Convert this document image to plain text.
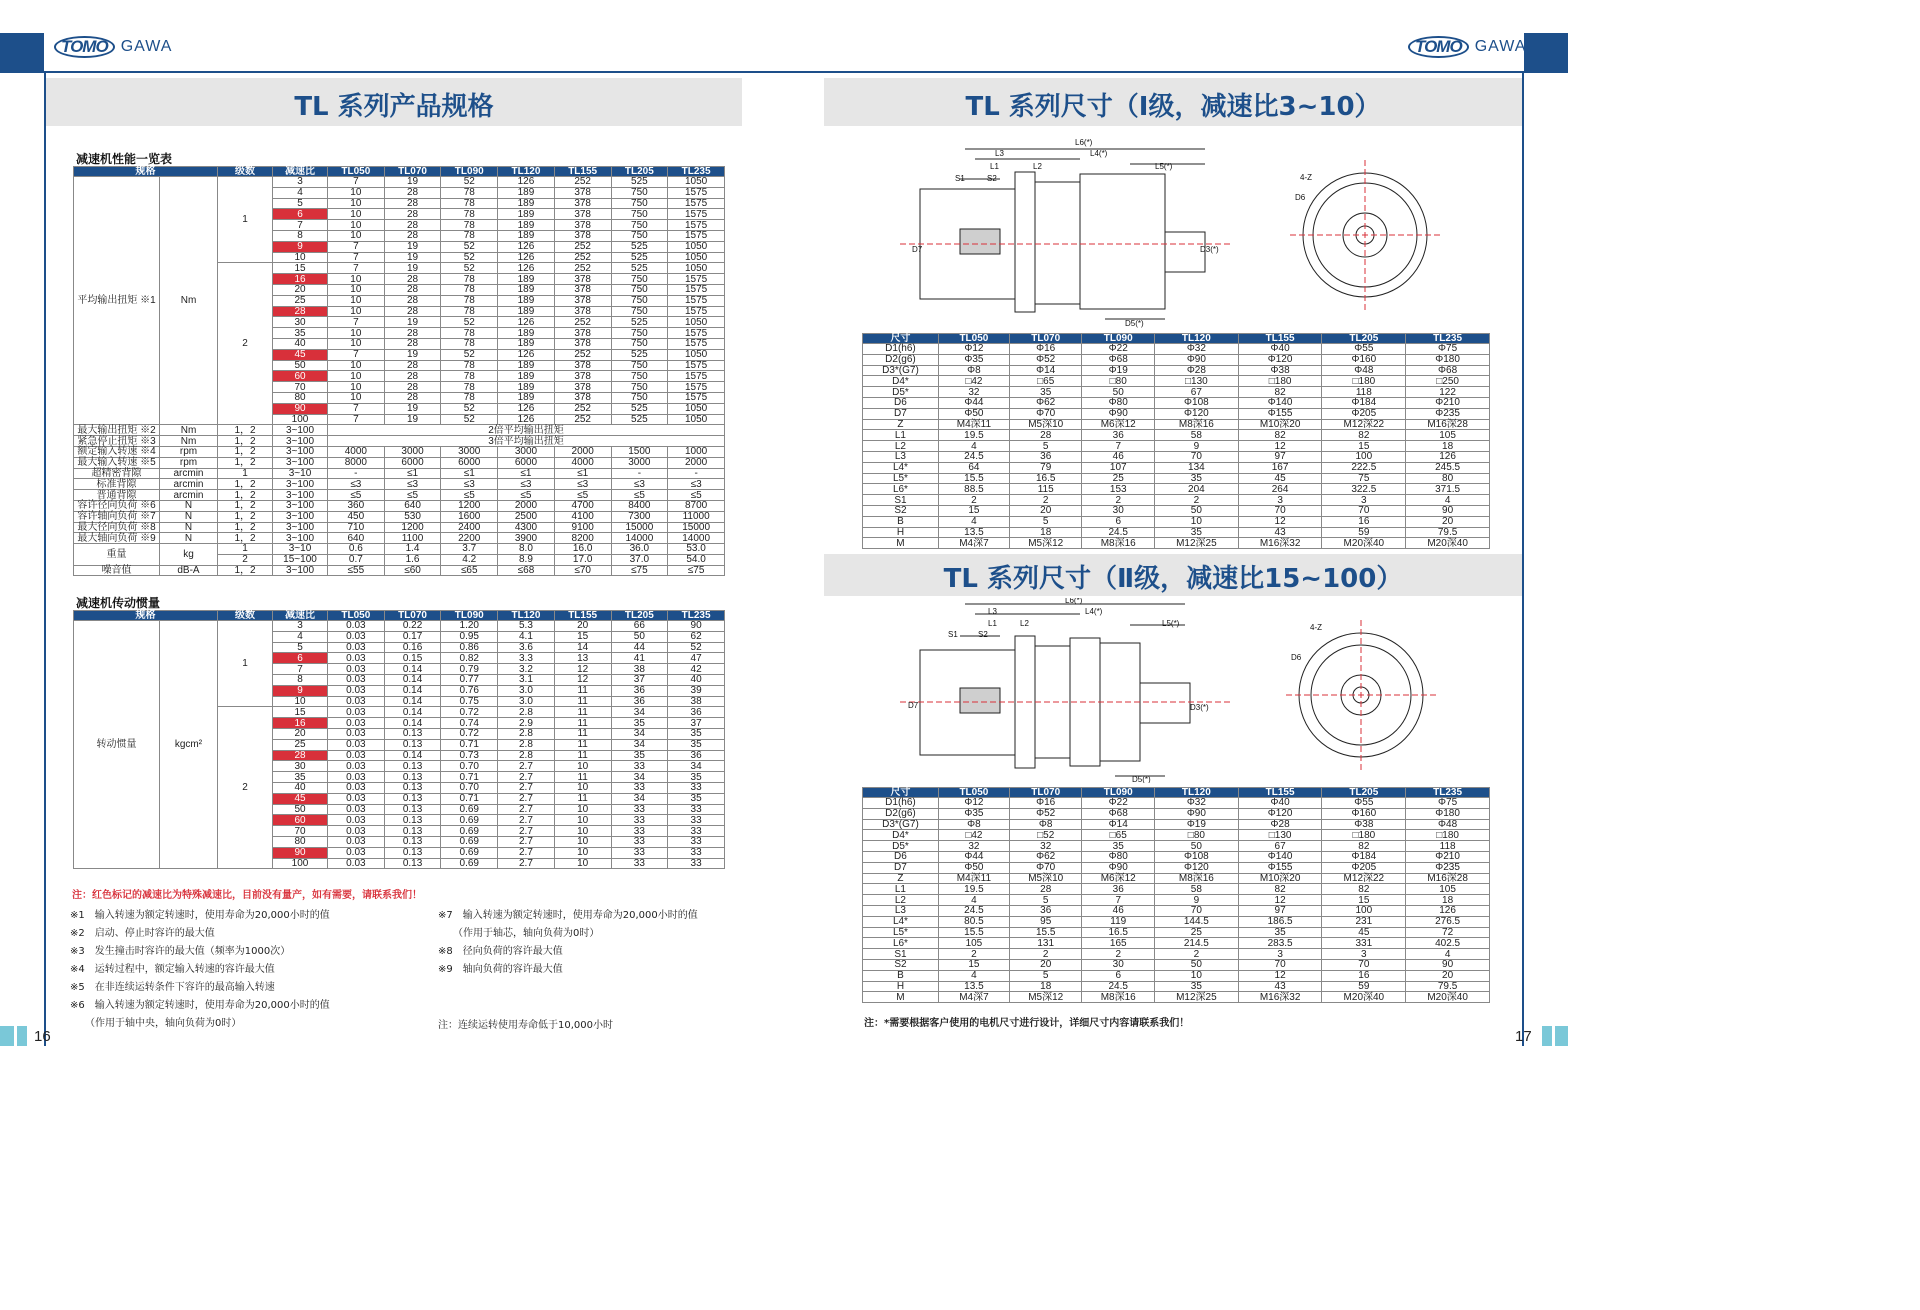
TOMO GAWA	TOMO GAWA
TL 系列产品规格
减速机性能一览表
规格		级数	减速比	TL050	TL070	TL090	TL120	TL155	TL205	TL235
平均输出扭矩 ※1	Nm	1	3	7	19	52	126	252	525	1050
			4	10	28	78	189	378	750	1575
			5	10	28	78	189	378	750	1575
			6	10	28	78	189	378	750	1575
			7	10	28	78	189	378	750	1575
			8	10	28	78	189	378	750	1575
			9	7	19	52	126	252	525	1050
			10	7	19	52	126	252	525	1050
		2	15	7	19	52	126	252	525	1050
			16	10	28	78	189	378	750	1575
			20	10	28	78	189	378	750	1575
			25	10	28	78	189	378	750	1575
			28	10	28	78	189	378	750	1575
			30	7	19	52	126	252	525	1050
			35	10	28	78	189	378	750	1575
			40	10	28	78	189	378	750	1575
			45	7	19	52	126	252	525	1050
			50	10	28	78	189	378	750	1575
			60	10	28	78	189	378	750	1575
			70	10	28	78	189	378	750	1575
			80	10	28	78	189	378	750	1575
			90	7	19	52	126	252	525	1050
			100	7	19	52	126	252	525	1050
最大输出扭矩 ※2	Nm	1，2	3~100	2倍平均输出扭矩						
紧急停止扭矩 ※3	Nm	1，2	3~100	3倍平均输出扭矩						
额定输入转速 ※4	rpm	1，2	3~100	4000	3000	3000	3000	2000	1500	1000
最大输入转速 ※5	rpm	1，2	3~100	8000	6000	6000	6000	4000	3000	2000
超精密背隙	arcmin	1	3~10	-	≤1	≤1	≤1	≤1	-	-
标准背隙	arcmin	1，2	3~100	≤3	≤3	≤3	≤3	≤3	≤3	≤3
普通背隙	arcmin	1，2	3~100	≤5	≤5	≤5	≤5	≤5	≤5	≤5
容许径向负荷 ※6	N	1，2	3~100	360	640	1200	2000	4700	8400	8700
容许轴向负荷 ※7	N	1，2	3~100	450	530	1600	2500	4100	7300	11000
最大径向负荷 ※8	N	1，2	3~100	710	1200	2400	4300	9100	15000	15000
最大轴向负荷 ※9	N	1，2	3~100	640	1100	2200	3900	8200	14000	14000
重量	kg	1	3~10	0.6	1.4	3.7	8.0	16.0	36.0	53.0
		2	15~100	0.7	1.6	4.2	8.9	17.0	37.0	54.0
噪音值	dB-A	1，2	3~100	≤55	≤60	≤65	≤68	≤70	≤75	≤75
减速机传动惯量
规格		级数	减速比	TL050	TL070	TL090	TL120	TL155	TL205	TL235
转动惯量	kgcm²	1	3	0.03	0.22	1.20	5.3	20	66	90
			4	0.03	0.17	0.95	4.1	15	50	62
			5	0.03	0.16	0.86	3.6	14	44	52
			6	0.03	0.15	0.82	3.3	13	41	47
			7	0.03	0.14	0.79	3.2	12	38	42
			8	0.03	0.14	0.77	3.1	12	37	40
			9	0.03	0.14	0.76	3.0	11	36	39
			10	0.03	0.14	0.75	3.0	11	36	38
		2	15	0.03	0.14	0.72	2.8	11	34	36
			16	0.03	0.14	0.74	2.9	11	35	37
			20	0.03	0.13	0.72	2.8	11	34	35
			25	0.03	0.13	0.71	2.8	11	34	35
			28	0.03	0.14	0.73	2.8	11	35	36
			30	0.03	0.13	0.70	2.7	10	33	34
			35	0.03	0.13	0.71	2.7	11	34	35
			40	0.03	0.13	0.70	2.7	10	33	33
			45	0.03	0.13	0.71	2.7	11	34	35
			50	0.03	0.13	0.69	2.7	10	33	33
			60	0.03	0.13	0.69	2.7	10	33	33
			70	0.03	0.13	0.69	2.7	10	33	33
			80	0.03	0.13	0.69	2.7	10	33	33
			90	0.03	0.13	0.69	2.7	10	33	33
			100	0.03	0.13	0.69	2.7	10	33	33
注：红色标记的减速比为特殊减速比，目前没有量产，如有需要，请联系我们！
※1　输入转速为额定转速时，使用寿命为20,000小时的值
※2　启动、停止时容许的最大值
※3　发生撞击时容许的最大值（频率为1000次）
※4　运转过程中，额定输入转速的容许最大值
※5　在非连续运转条件下容许的最高输入转速
※6　输入转速为额定转速时，使用寿命为20,000小时的值
　　（作用于轴中央，轴向负荷为0时）
※7　输入转速为额定转速时，使用寿命为20,000小时的值
　　（作用于轴芯，轴向负荷为0时）
※8　径向负荷的容许最大值
※9　轴向负荷的容许最大值
注：连续运转使用寿命低于10,000小时
16
TL 系列尺寸（Ⅰ级，减速比3~10）
L6(*)
L4(*)
L3
L1	L2	L5(*)
S1	S2
D5(*)
D7	D3(*)
4-Z
D6
尺寸	TL050	TL070	TL090	TL120	TL155	TL205	TL235
D1(h6)	Φ12	Φ16	Φ22	Φ32	Φ40	Φ55	Φ75
D2(g6)	Φ35	Φ52	Φ68	Φ90	Φ120	Φ160	Φ180
D3*(G7)	Φ8	Φ14	Φ19	Φ28	Φ38	Φ48	Φ68
D4*	□42	□65	□80	□130	□180	□180	□250
D5*	32	35	50	67	82	118	122
D6	Φ44	Φ62	Φ80	Φ108	Φ140	Φ184	Φ210
D7	Φ50	Φ70	Φ90	Φ120	Φ155	Φ205	Φ235
Z	M4深11	M5深10	M6深12	M8深16	M10深20	M12深22	M16深28
L1	19.5	28	36	58	82	82	105
L2	4	5	7	9	12	15	18
L3	24.5	36	46	70	97	100	126
L4*	64	79	107	134	167	222.5	245.5
L5*	15.5	16.5	25	35	45	75	80
L6*	88.5	115	153	204	264	322.5	371.5
S1	2	2	2	2	3	3	4
S2	15	20	30	50	70	70	90
B	4	5	6	10	12	16	20
H	13.5	18	24.5	35	43	59	79.5
M	M4深7	M5深12	M8深16	M12深25	M16深32	M20深40	M20深40
TL 系列尺寸（Ⅱ级，减速比15~100）
L6(*)
L4(*)
L3
L1	L2	L5(*)
S1	S2
D5(*)
D7	D3(*)
4-Z
D6
尺寸	TL050	TL070	TL090	TL120	TL155	TL205	TL235
D1(h6)	Φ12	Φ16	Φ22	Φ32	Φ40	Φ55	Φ75
D2(g6)	Φ35	Φ52	Φ68	Φ90	Φ120	Φ160	Φ180
D3*(G7)	Φ8	Φ8	Φ14	Φ19	Φ28	Φ38	Φ48
D4*	□42	□52	□65	□80	□130	□180	□180
D5*	32	32	35	50	67	82	118
D6	Φ44	Φ62	Φ80	Φ108	Φ140	Φ184	Φ210
D7	Φ50	Φ70	Φ90	Φ120	Φ155	Φ205	Φ235
Z	M4深11	M5深10	M6深12	M8深16	M10深20	M12深22	M16深28
L1	19.5	28	36	58	82	82	105
L2	4	5	7	9	12	15	18
L3	24.5	36	46	70	97	100	126
L4*	80.5	95	119	144.5	186.5	231	276.5
L5*	15.5	15.5	16.5	25	35	45	72
L6*	105	131	165	214.5	283.5	331	402.5
S1	2	2	2	2	3	3	4
S2	15	20	30	50	70	70	90
B	4	5	6	10	12	16	20
H	13.5	18	24.5	35	43	59	79.5
M	M4深7	M5深12	M8深16	M12深25	M16深32	M20深40	M20深40
注：*需要根据客户使用的电机尺寸进行设计，详细尺寸内容请联系我们！
17
